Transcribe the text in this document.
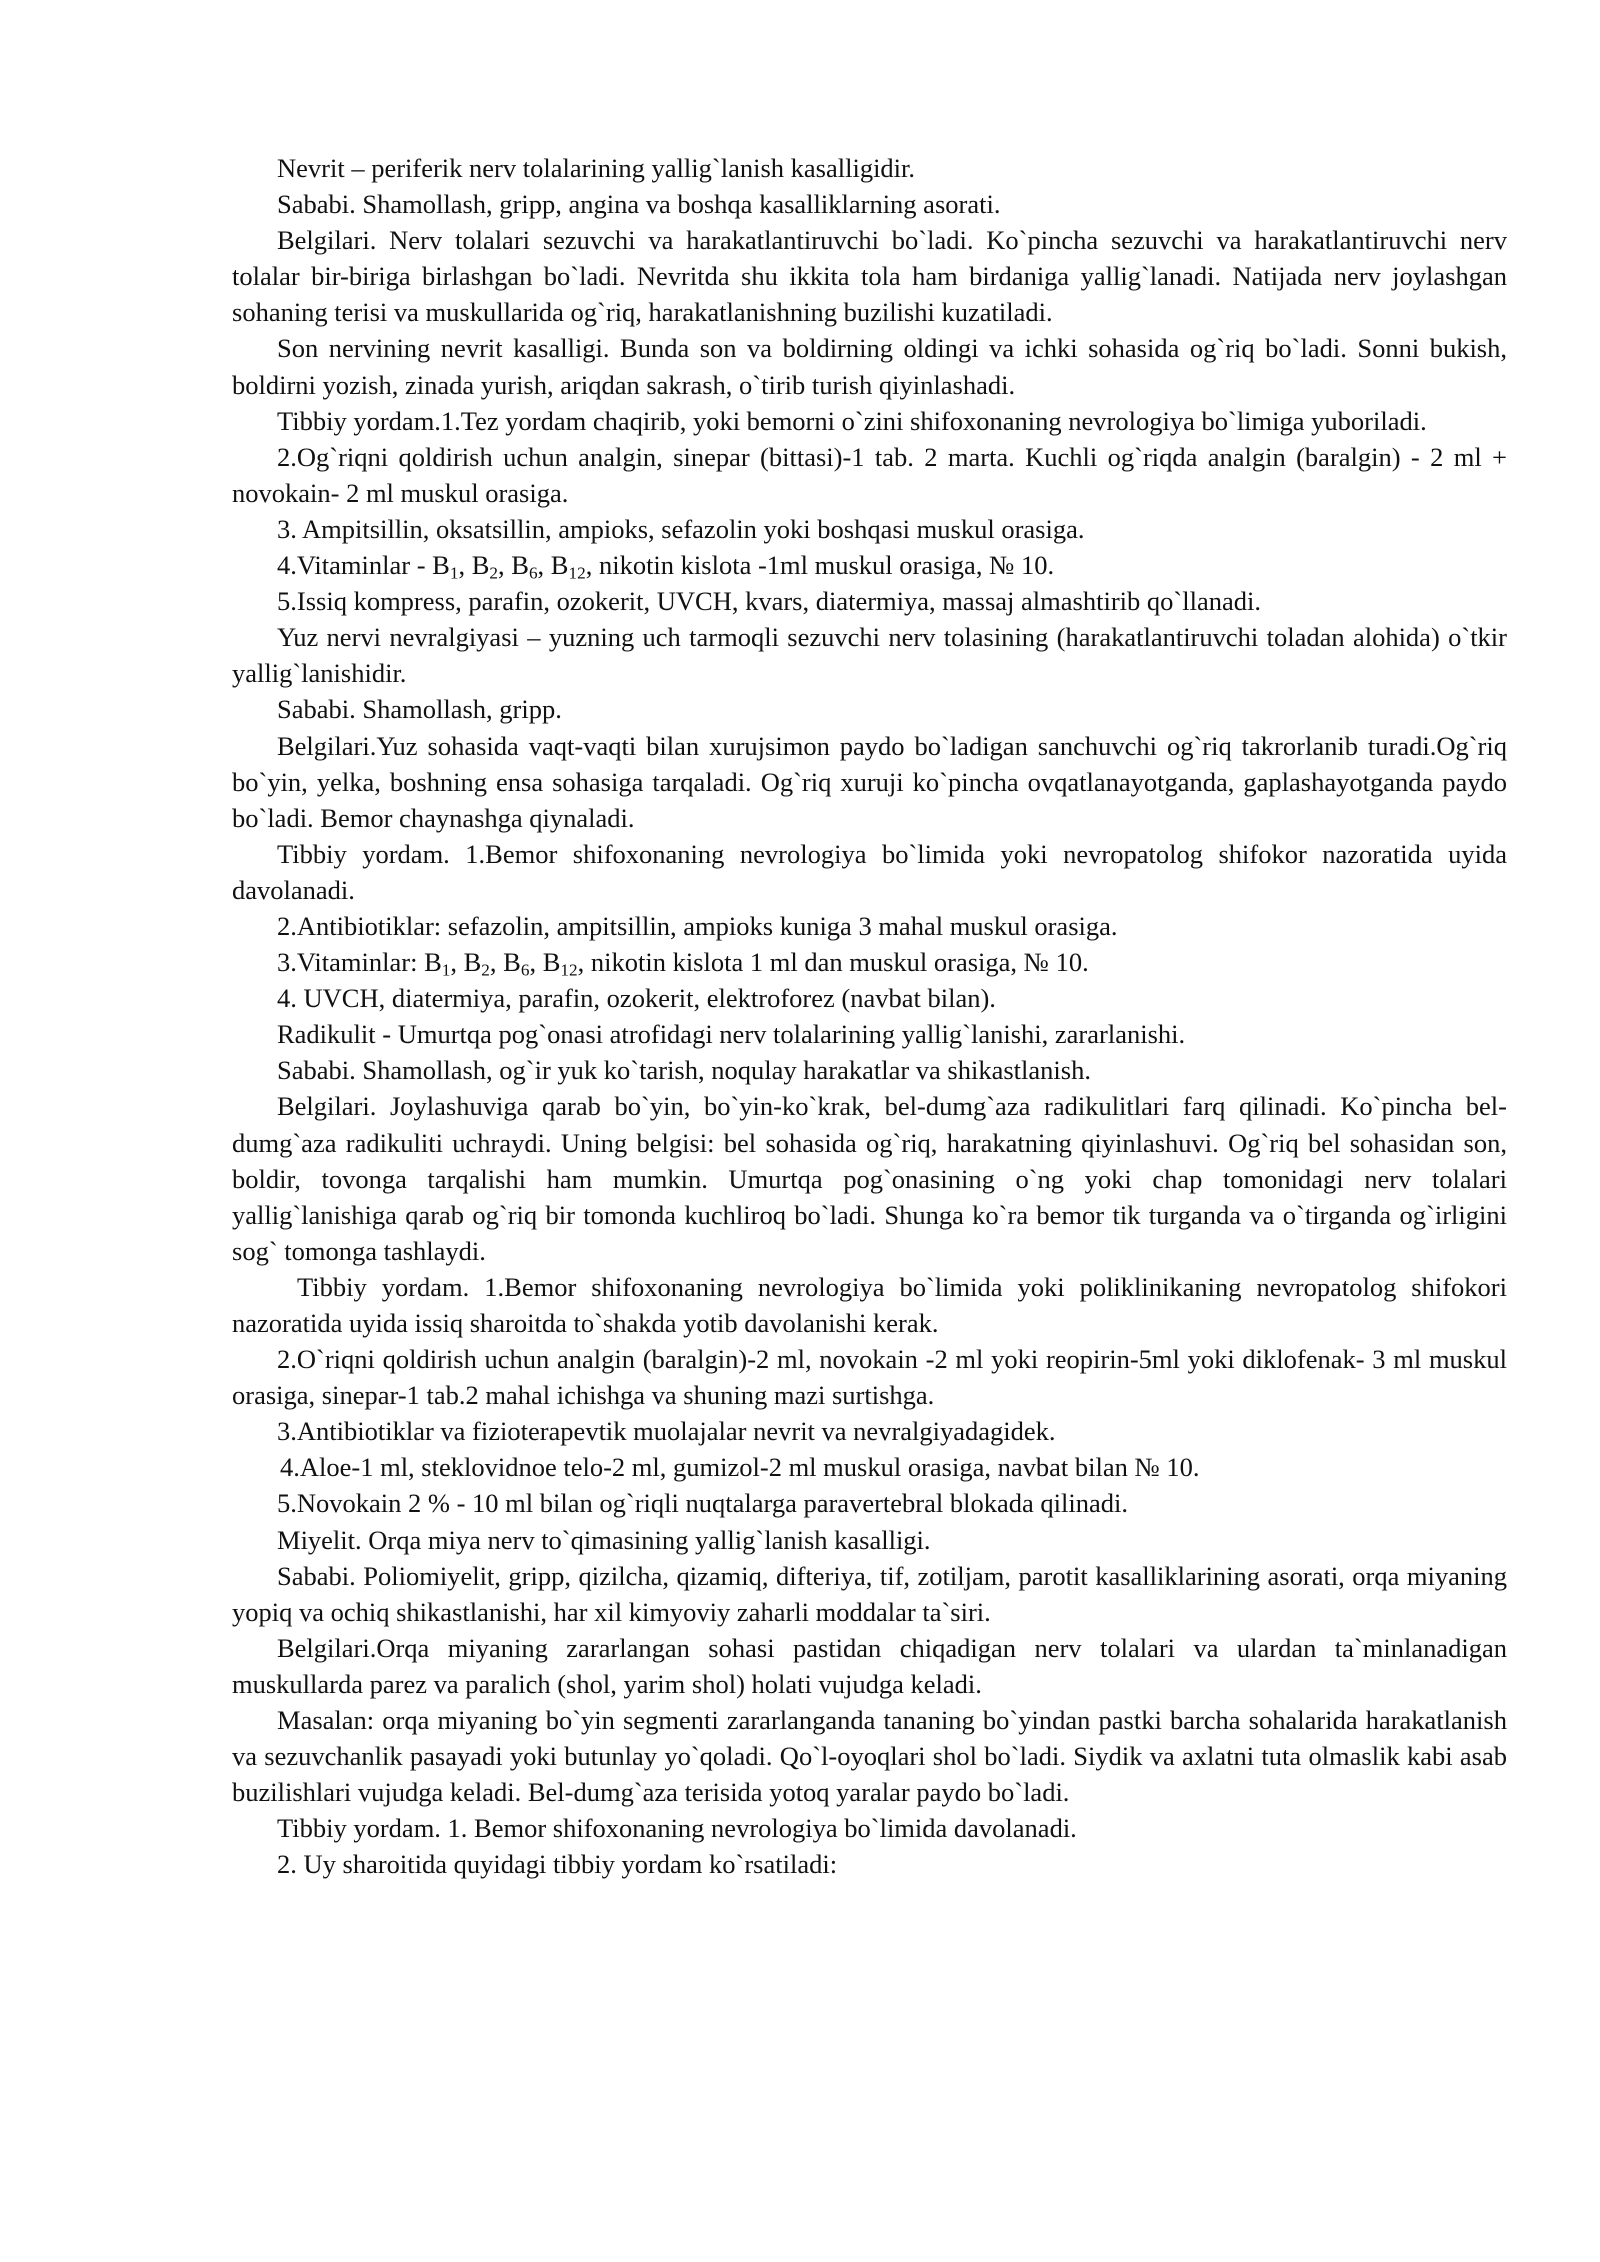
Nevrit – periferik nerv tolalarining yallig`lanish kasalligidir.

Sababi. Shamollash, gripp, angina va boshqa kasalliklarning asorati.

Belgilari. Nerv tolalari sezuvchi va harakatlantiruvchi bo`ladi. Ko`pincha sezuvchi va harakatlantiruvchi nerv tolalar bir-biriga birlashgan bo`ladi. Nevritda shu ikkita tola ham birdaniga yallig`lanadi. Natijada nerv joylashgan sohaning terisi va muskullarida og`riq, harakatlanishning buzilishi kuzatiladi.

Son nervining nevrit kasalligi. Bunda son va boldirning oldingi va ichki sohasida og`riq bo`ladi. Sonni bukish, boldirni yozish, zinada yurish, ariqdan sakrash, o`tirib turish qiyinlashadi.

Tibbiy yordam.1.Tez yordam chaqirib, yoki bemorni o`zini shifoxonaning nevrologiya bo`limiga yuboriladi.

2.Og`riqni qoldirish uchun analgin, sinepar (bittasi)-1 tab. 2 marta. Kuchli og`riqda analgin (baralgin) - 2 ml + novokain- 2 ml muskul orasiga.

3. Ampitsillin, oksatsillin, ampioks, sefazolin yoki boshqasi muskul orasiga.

4.Vitaminlar - $B_1$, $B_2$, $B_6$, $B_{12}$, nikotin kislota -1ml muskul orasiga, № 10.

5.Issiq kompress, parafin, ozokerit, UVCH, kvars, diatermiya, massaj almashtirib qo`llanadi.

Yuz nervi nevralgiyasi – yuzning uch tarmoqli sezuvchi nerv tolasining (harakatlantiruvchi toladan alohida) o`tkir yallig`lanishidir.

Sababi. Shamollash, gripp.

Belgilari.Yuz sohasida vaqt-vaqti bilan xurujsimon paydo bo`ladigan sanchuvchi og`riq takrorlanib turadi.Og`riq bo`yin, yelka, boshning ensa sohasiga tarqaladi. Og`riq xuruji ko`pincha ovqatlanayotganda, gaplashayotganda paydo bo`ladi. Bemor chaynashga qiynaladi.

Tibbiy yordam. 1.Bemor shifoxonaning nevrologiya bo`limida yoki nevropatolog shifokor nazoratida uyida davolanadi.

2.Antibiotiklar: sefazolin, ampitsillin, ampioks kuniga 3 mahal muskul orasiga.

3.Vitaminlar: $B_1$, $B_2$, $B_6$, $B_{12}$, nikotin kislota 1 ml dan muskul orasiga, № 10.

4. UVCH, diatermiya, parafin, ozokerit, elektroforez (navbat bilan).

Radikulit - Umurtqa pog`onasi atrofidagi nerv tolalarining yallig`lanishi, zararlanishi.

Sababi. Shamollash, og`ir yuk ko`tarish, noqulay harakatlar va shikastlanish.

Belgilari. Joylashuviga qarab bo`yin, bo`yin-ko`krak, bel-dumg`aza radikulitlari farq qilinadi. Ko`pincha bel-dumg`aza radikuliti uchraydi. Uning belgisi: bel sohasida og`riq, harakatning qiyinlashuvi. Og`riq bel sohasidan son, boldir, tovonga tarqalishi ham mumkin. Umurtqa pog`onasining o`ng yoki chap tomonidagi nerv tolalari yallig`lanishiga qarab og`riq bir tomonda kuchliroq bo`ladi. Shunga ko`ra bemor tik turganda va o`tirganda og`irligini sog` tomonga tashlaydi.

Tibbiy yordam. 1.Bemor shifoxonaning nevrologiya bo`limida yoki poliklinikaning nevropatolog shifokori nazoratida uyida issiq sharoitda to`shakda yotib davolanishi kerak.

2.O`riqni qoldirish uchun analgin (baralgin)-2 ml, novokain -2 ml yoki reopirin-5ml yoki diklofenak- 3 ml muskul orasiga, sinepar-1 tab.2 mahal ichishga va shuning mazi surtishga.

3.Antibiotiklar va fizioterapevtik muolajalar nevrit va nevralgiyadagidek.

4.Aloe-1 ml, steklovidnoe telo-2 ml, gumizol-2 ml muskul orasiga, navbat bilan № 10.

5.Novokain 2 % - 10 ml bilan og`riqli nuqtalarga paravertebral blokada qilinadi.

Miyelit. Orqa miya nerv to`qimasining yallig`lanish kasalligi.

Sababi. Poliomiyelit, gripp, qizilcha, qizamiq, difteriya, tif, zotiljam, parotit kasalliklarining asorati, orqa miyaning yopiq va ochiq shikastlanishi, har xil kimyoviy zaharli moddalar ta`siri.

Belgilari.Orqa miyaning zararlangan sohasi pastidan chiqadigan nerv tolalari va ulardan ta`minlanadigan muskullarda parez va paralich (shol, yarim shol) holati vujudga keladi.

Masalan: orqa miyaning bo`yin segmenti zararlanganda tananing bo`yindan pastki barcha sohalarida harakatlanish va sezuvchanlik pasayadi yoki butunlay yo`qoladi. Qo`l-oyoqlari shol bo`ladi. Siydik va axlatni tuta olmaslik kabi asab buzilishlari vujudga keladi. Bel-dumg`aza terisida yotoq yaralar paydo bo`ladi.

Tibbiy yordam. 1. Bemor shifoxonaning nevrologiya bo`limida davolanadi.

2. Uy sharoitida quyidagi tibbiy yordam ko`rsatiladi:
